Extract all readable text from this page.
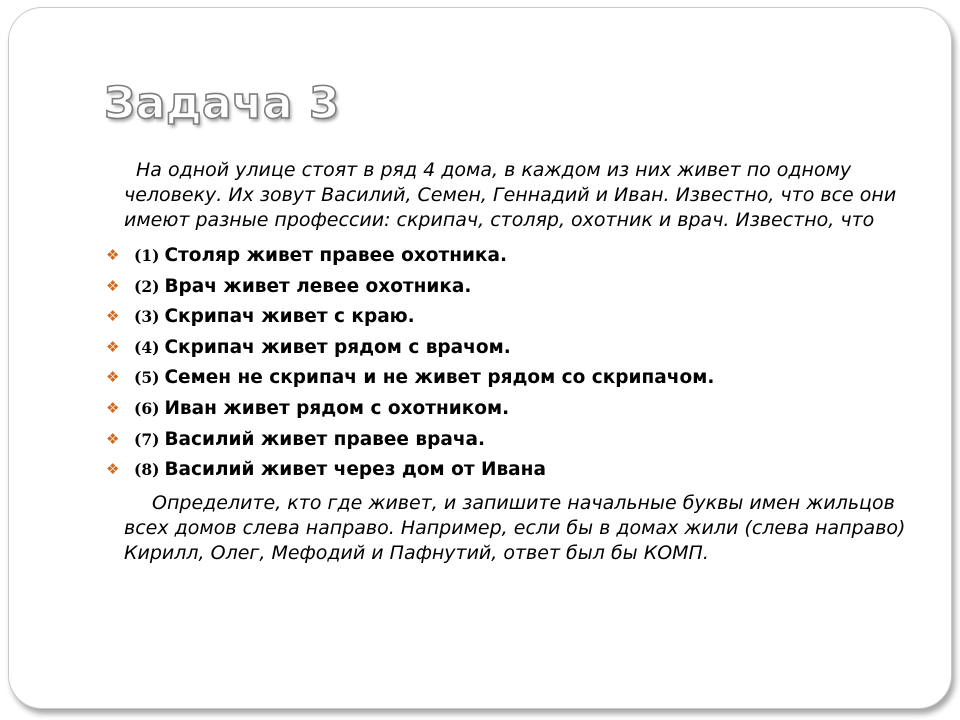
Задача 3

На одной улице стоят в ряд 4 дома, в каждом из них живет по одному человеку. Их зовут Василий, Семен, Геннадий и Иван. Известно, что все они имеют разные профессии: скрипач, столяр, охотник и врач. Известно, что

❖ (1) Столяр живет правее охотника.
❖ (2) Врач живет левее охотника.
❖ (3) Скрипач живет с краю.
❖ (4) Скрипач живет рядом с врачом.
❖ (5) Семен не скрипач и не живет рядом со скрипачом.
❖ (6) Иван живет рядом с охотником.
❖ (7) Василий живет правее врача.
❖ (8) Василий живет через дом от Ивана

Определите, кто где живет, и запишите начальные буквы имен жильцов всех домов слева направо. Например, если бы в домах жили (слева направо) Кирилл, Олег, Мефодий и Пафнутий, ответ был бы КОМП.
